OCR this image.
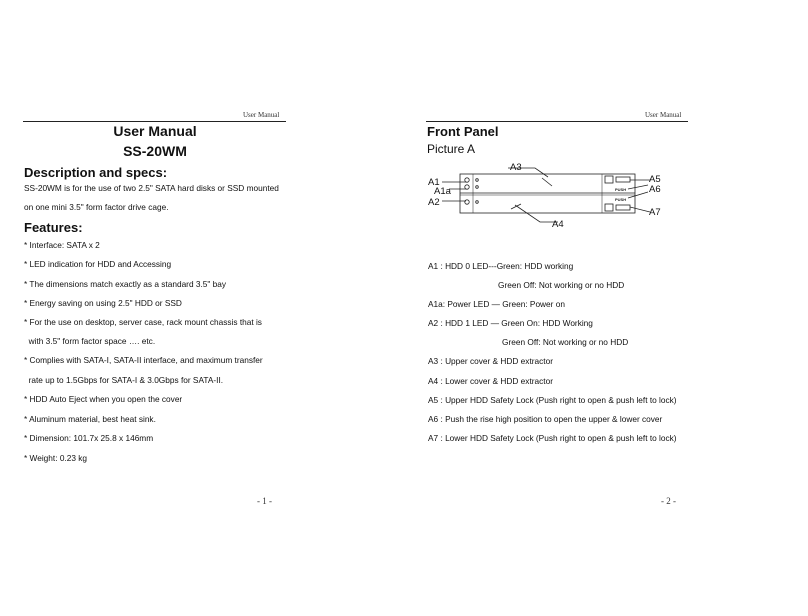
User Manual
User Manual
SS-20WM
Description and specs:
SS-20WM is for the use of two 2.5" SATA hard disks or SSD mounted
on one mini 3.5" form factor drive cage.
Features:
* Interface: SATA x 2
* LED indication for HDD and Accessing
* The dimensions match exactly as a standard 3.5" bay
* Energy saving on using 2.5" HDD or SSD
* For the use on desktop, server case, rack mount chassis that is
with 3.5" form factor space …. etc.
* Complies with SATA-I, SATA-II interface, and maximum transfer
rate up to 1.5Gbps for SATA-I & 3.0Gbps for SATA-II.
* HDD Auto Eject when you open the cover
* Aluminum material, best heat sink.
* Dimension: 101.7x 25.8 x 146mm
* Weight: 0.23 kg
- 1 -
User Manual
Front Panel
Picture A
PUSH
PUSH
A3
A1
A1a
A2
A4
A5
A6
A7
A1 : HDD 0 LED---Green: HDD working
Green Off: Not working or no HDD
A1a: Power LED — Green: Power on
A2 : HDD 1 LED — Green On: HDD Working
Green Off: Not working or no HDD
A3 : Upper cover & HDD extractor
A4 : Lower cover & HDD extractor
A5 : Upper HDD Safety Lock (Push right to open & push left to lock)
A6 : Push the rise high position to open the upper & lower cover
A7 : Lower HDD Safety Lock (Push right to open & push left to lock)
- 2 -
